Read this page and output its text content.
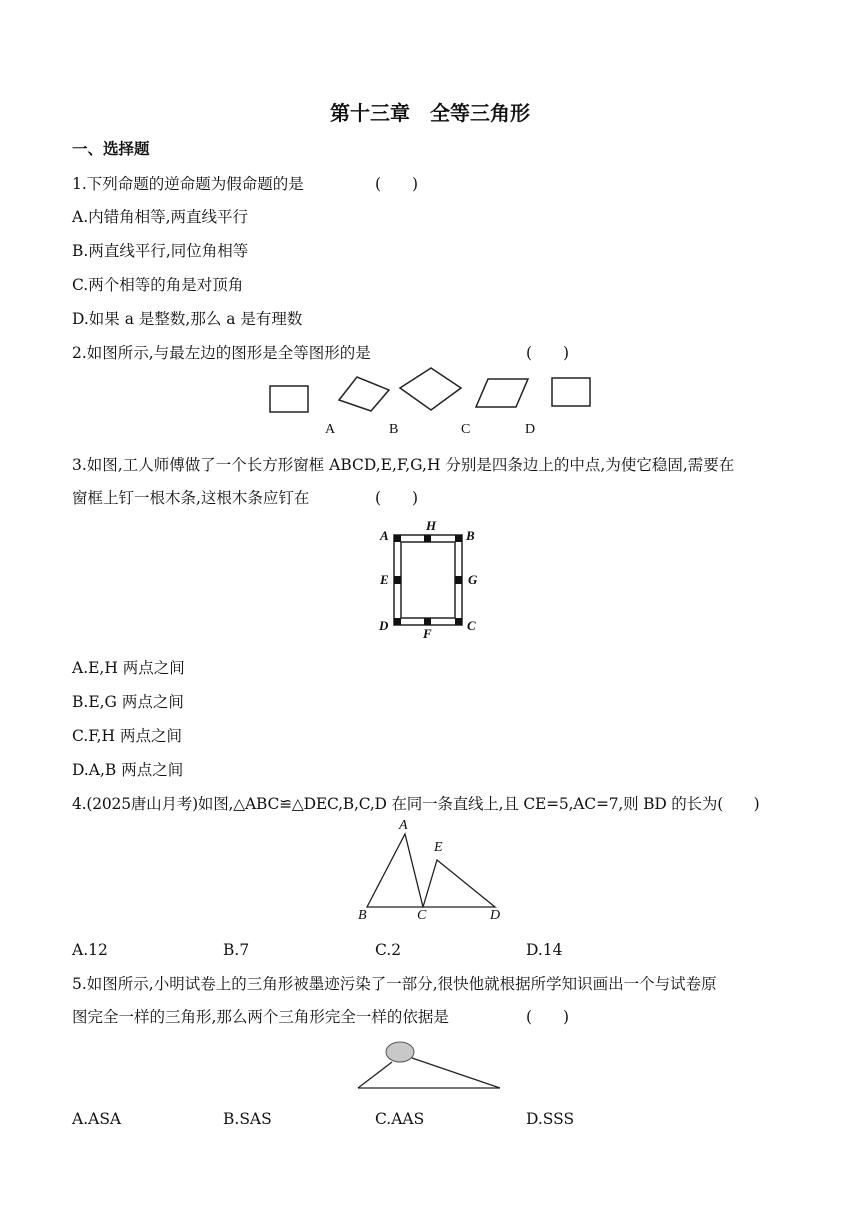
第十三章　全等三角形
一、选择题
1.下列命题的逆命题为假命题的是	(　　)
A.内错角相等,两直线平行
B.两直线平行,同位角相等
C.两个相等的角是对顶角
D.如果 a 是整数,那么 a 是有理数
2.如图所示,与最左边的图形是全等图形的是	(　　)
A	B	C	D
3.如图,工人师傅做了一个长方形窗框 ABCD,E,F,G,H 分别是四条边上的中点,为使它稳固,需要在
窗框上钉一根木条,这根木条应钉在	(　　)
A
H
B
E	G
D
F
C
A.E,H 两点之间
B.E,G 两点之间
C.F,H 两点之间
D.A,B 两点之间
4.(2025唐山月考)如图,△ABC≌△DEC,B,C,D 在同一条直线上,且 CE=5,AC=7,则 BD 的长为(　　)
A
E
B	C	D
A.12	B.7	C.2	D.14
5.如图所示,小明试卷上的三角形被墨迹污染了一部分,很快他就根据所学知识画出一个与试卷原
图完全一样的三角形,那么两个三角形完全一样的依据是	(　　)
A.ASA	B.SAS	C.AAS	D.SSS
